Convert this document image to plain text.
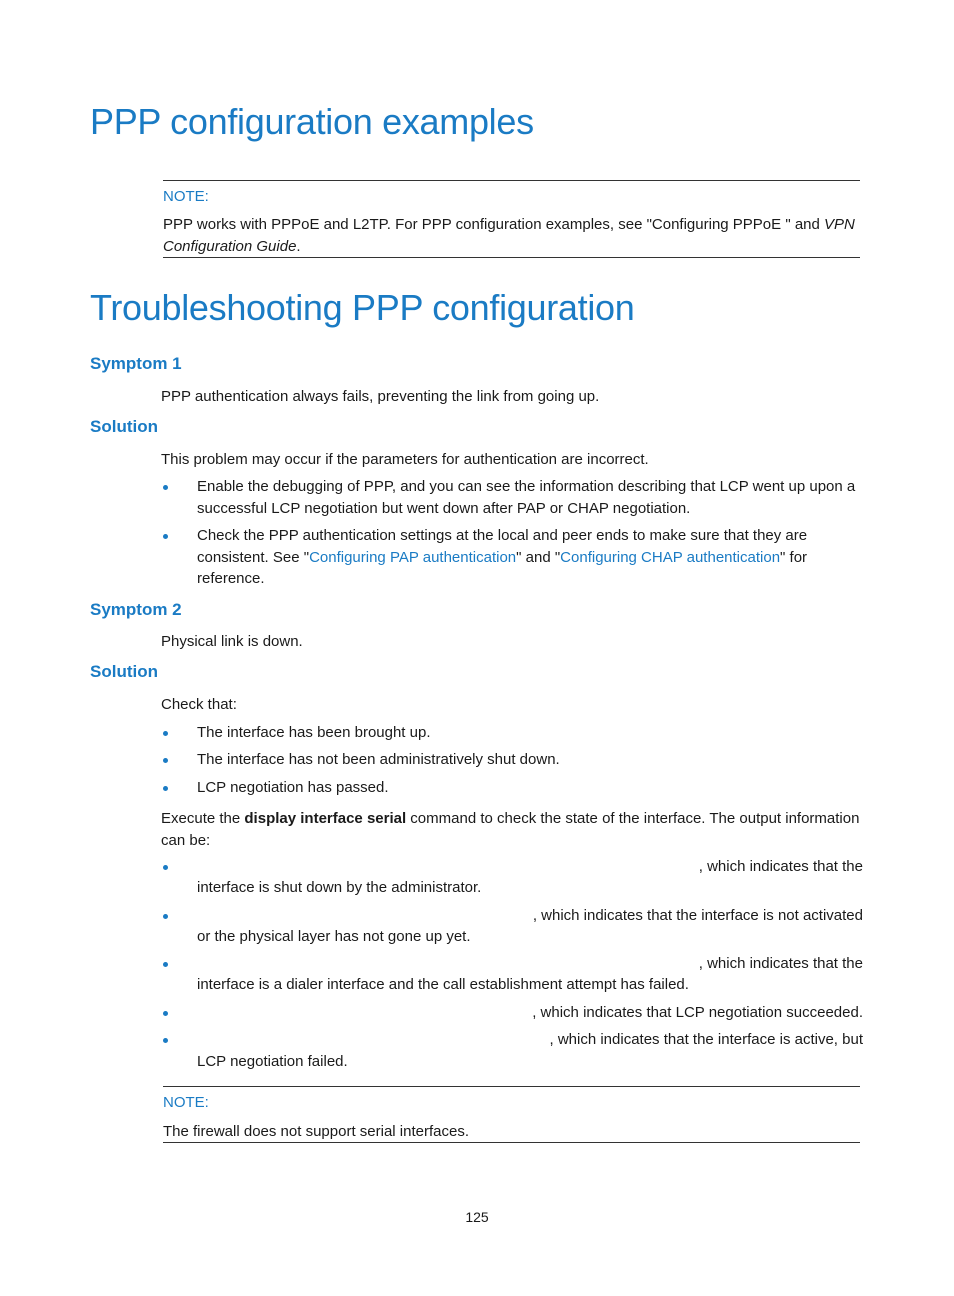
PPP configuration examples
NOTE:
PPP works with PPPoE and L2TP. For PPP configuration examples, see "Configuring PPPoE " and VPN
Configuration Guide.
Troubleshooting PPP configuration
Symptom 1
PPP authentication always fails, preventing the link from going up.
Solution
This problem may occur if the parameters for authentication are incorrect.
Enable the debugging of PPP, and you can see the information describing that LCP went up upon a
successful LCP negotiation but went down after PAP or CHAP negotiation.
Check the PPP authentication settings at the local and peer ends to make sure that they are
consistent. See "Configuring PAP authentication" and "Configuring CHAP authentication" for
reference.
Symptom 2
Physical link is down.
Solution
Check that:
The interface has been brought up.
The interface has not been administratively shut down.
LCP negotiation has passed.
Execute the display interface serial command to check the state of the interface. The output information
can be:
, which indicates that the
interface is shut down by the administrator.
, which indicates that the interface is not activated
or the physical layer has not gone up yet.
, which indicates that the
interface is a dialer interface and the call establishment attempt has failed.
, which indicates that LCP negotiation succeeded.
, which indicates that the interface is active, but
LCP negotiation failed.
NOTE:
The firewall does not support serial interfaces.
125
